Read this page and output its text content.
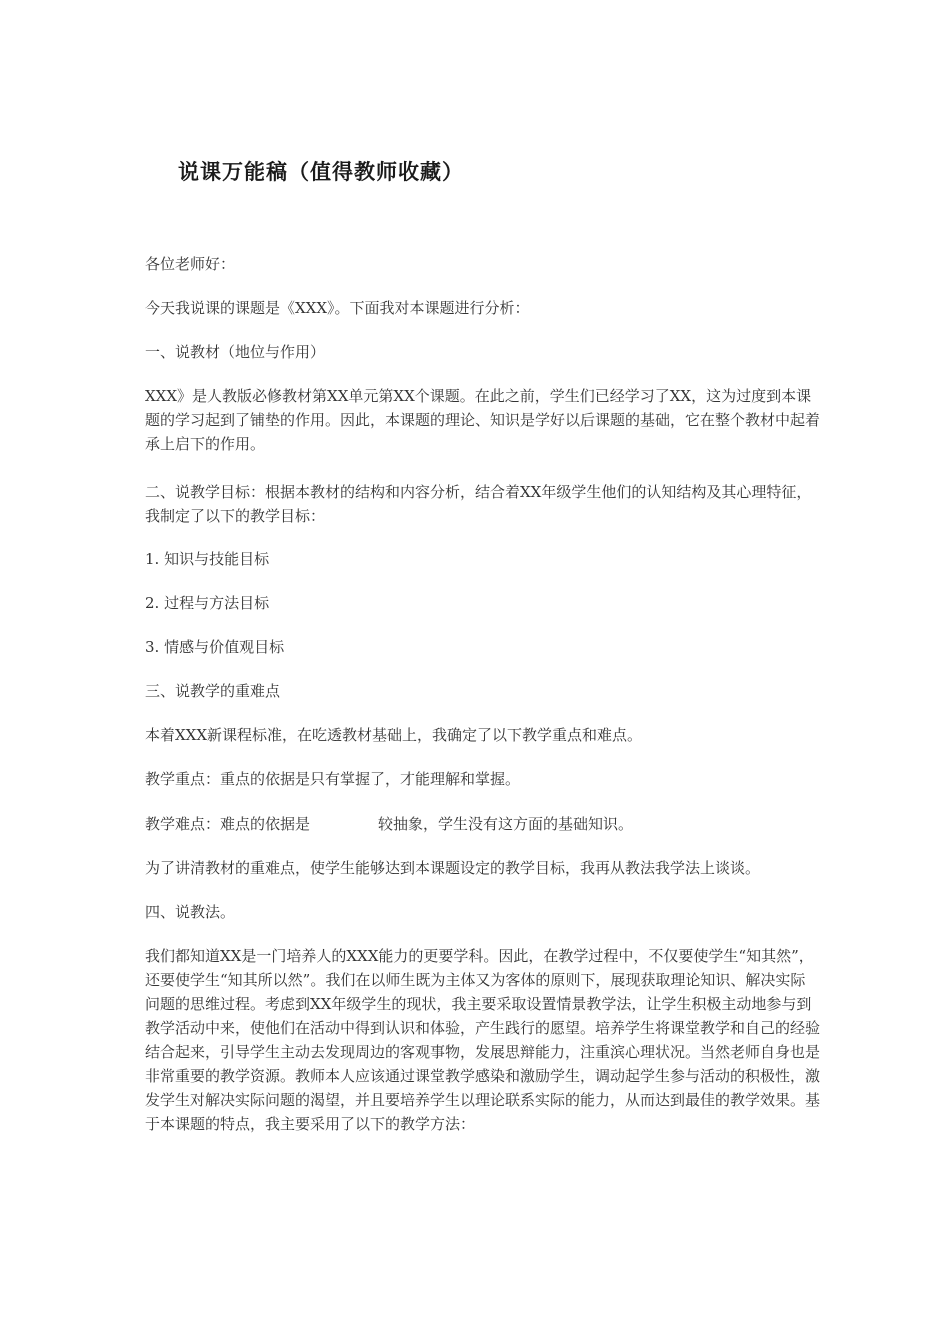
说课万能稿（值得教师收藏）
各位老师好：
今天我说课的课题是《XXX》。下面我对本课题进行分析：
一、说教材（地位与作用）

XXX》是人教版必修教材第XX单元第XX个课题。在此之前，学生们已经学习了XX，这为过度到本课题的学习起到了铺垫的作用。因此，本课题的理论、知识是学好以后课题的基础，它在整个教材中起着承上启下的作用。

二、说教学目标：根据本教材的结构和内容分析，结合着XX年级学生他们的认知结构及其心理特征，我制定了以下的教学目标：

1. 知识与技能目标
2. 过程与方法目标
3. 情感与价值观目标
三、说教学的重难点
本着XXX新课程标准，在吃透教材基础上，我确定了以下教学重点和难点。
教学重点：重点的依据是只有掌握了，才能理解和掌握。
教学难点：难点的依据是	较抽象，学生没有这方面的基础知识。
为了讲清教材的重难点，使学生能够达到本课题设定的教学目标，我再从教法我学法上谈谈。
四、说教法。

我们都知道XX是一门培养人的XXX能力的更要学科。因此，在教学过程中，不仅要使学生“知其然”，还要使学生“知其所以然”。我们在以师生既为主体又为客体的原则下，展现获取理论知识、解决实际问题的思维过程。考虑到XX年级学生的现状，我主要采取设置情景教学法，让学生积极主动地参与到教学活动中来，使他们在活动中得到认识和体验，产生践行的愿望。培养学生将课堂教学和自己的经验结合起来，引导学生主动去发现周边的客观事物，发展思辩能力，注重滨心理状况。当然老师自身也是非常重要的教学资源。教师本人应该通过课堂教学感染和激励学生，调动起学生参与活动的积极性，激发学生对解决实际问题的渴望，并且要培养学生以理论联系实际的能力，从而达到最佳的教学效果。基于本课题的特点，我主要采用了以下的教学方法：
